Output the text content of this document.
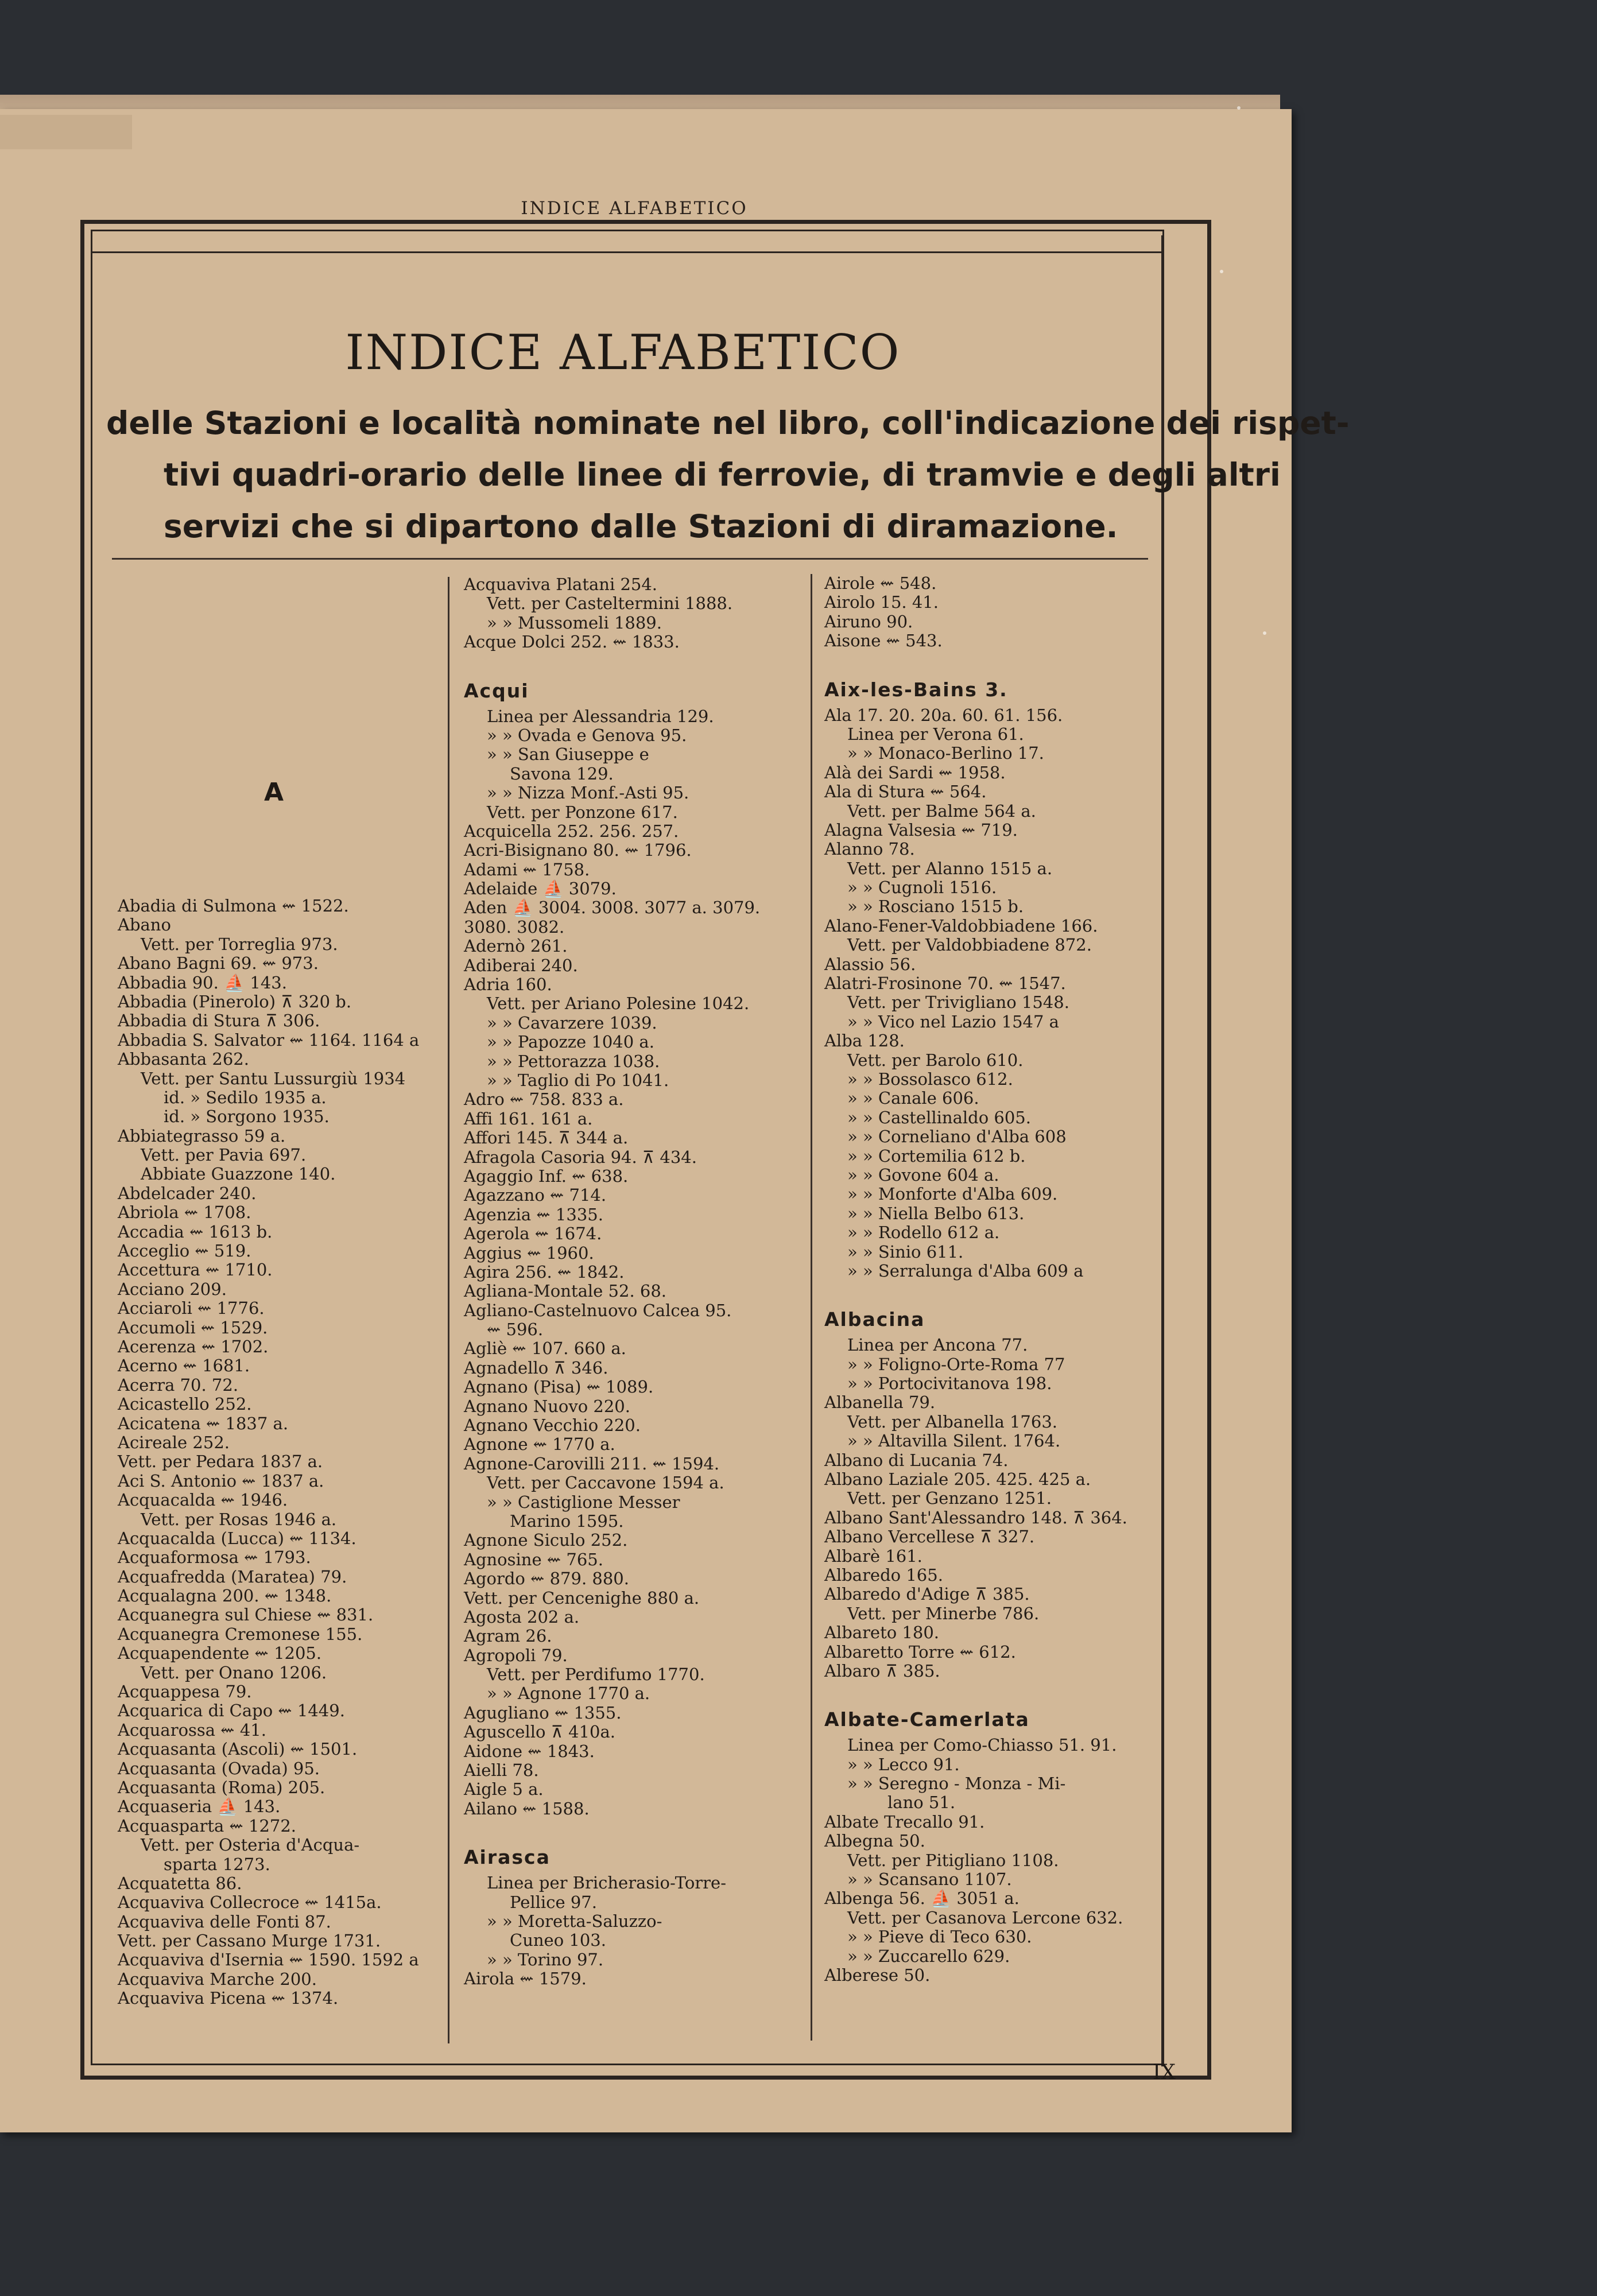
INDICE ALFABETICO
INDICE ALFABETICO
delle Stazioni e località nominate nel libro, coll'indicazione dei rispet-
tivi quadri-orario delle linee di ferrovie, di tramvie e degli altri
servizi che si dipartono dalle Stazioni di diramazione.
A
Abadia di Sulmona ⇜ 1522.
Abano
Vett. per Torreglia 973.
Abano Bagni 69. ⇜ 973.
Abbadia 90. ⛵ 143.
Abbadia (Pinerolo) ⊼ 320 b.
Abbadia di Stura ⊼ 306.
Abbadia S. Salvator ⇜ 1164. 1164 a
Abbasanta 262.
Vett. per Santu Lussurgiù 1934
id. » Sedilo 1935 a.
id. » Sorgono 1935.
Abbiategrasso 59 a.
Vett. per Pavia 697.
Abbiate Guazzone 140.
Abdelcader 240.
Abriola ⇜ 1708.
Accadia ⇜ 1613 b.
Acceglio ⇜ 519.
Accettura ⇜ 1710.
Acciano 209.
Acciaroli ⇜ 1776.
Accumoli ⇜ 1529.
Acerenza ⇜ 1702.
Acerno ⇜ 1681.
Acerra 70. 72.
Acicastello 252.
Acicatena ⇜ 1837 a.
Acireale 252.
Vett. per Pedara 1837 a.
Aci S. Antonio ⇜ 1837 a.
Acquacalda ⇜ 1946.
Vett. per Rosas 1946 a.
Acquacalda (Lucca) ⇜ 1134.
Acquaformosa ⇜ 1793.
Acquafredda (Maratea) 79.
Acqualagna 200. ⇜ 1348.
Acquanegra sul Chiese ⇜ 831.
Acquanegra Cremonese 155.
Acquapendente ⇜ 1205.
Vett. per Onano 1206.
Acquappesa 79.
Acquarica di Capo ⇜ 1449.
Acquarossa ⇜ 41.
Acquasanta (Ascoli) ⇜ 1501.
Acquasanta (Ovada) 95.
Acquasanta (Roma) 205.
Acquaseria ⛵ 143.
Acquasparta ⇜ 1272.
Vett. per Osteria d'Acqua-
sparta 1273.
Acquatetta 86.
Acquaviva Collecroce ⇜ 1415a.
Acquaviva delle Fonti 87.
Vett. per Cassano Murge 1731.
Acquaviva d'Isernia ⇜ 1590. 1592 a
Acquaviva Marche 200.
Acquaviva Picena ⇜ 1374.
Acquaviva Platani 254.
Vett. per Casteltermini 1888.
» » Mussomeli 1889.
Acque Dolci 252. ⇜ 1833.
Acqui
Linea per Alessandria 129.
» » Ovada e Genova 95.
» » San Giuseppe e
Savona 129.
» » Nizza Monf.-Asti 95.
Vett. per Ponzone 617.
Acquicella 252. 256. 257.
Acri-Bisignano 80. ⇜ 1796.
Adami ⇜ 1758.
Adelaide ⛵ 3079.
Aden ⛵ 3004. 3008. 3077 a. 3079.
3080. 3082.
Adernò 261.
Adiberai 240.
Adria 160.
Vett. per Ariano Polesine 1042.
» » Cavarzere 1039.
» » Papozze 1040 a.
» » Pettorazza 1038.
» » Taglio di Po 1041.
Adro ⇜ 758. 833 a.
Affi 161. 161 a.
Affori 145. ⊼ 344 a.
Afragola Casoria 94. ⊼ 434.
Agaggio Inf. ⇜ 638.
Agazzano ⇜ 714.
Agenzia ⇜ 1335.
Agerola ⇜ 1674.
Aggius ⇜ 1960.
Agira 256. ⇜ 1842.
Agliana-Montale 52. 68.
Agliano-Castelnuovo Calcea 95.
⇜ 596.
Agliè ⇜ 107. 660 a.
Agnadello ⊼ 346.
Agnano (Pisa) ⇜ 1089.
Agnano Nuovo 220.
Agnano Vecchio 220.
Agnone ⇜ 1770 a.
Agnone-Carovilli 211. ⇜ 1594.
Vett. per Caccavone 1594 a.
» » Castiglione Messer
Marino 1595.
Agnone Siculo 252.
Agnosine ⇜ 765.
Agordo ⇜ 879. 880.
Vett. per Cencenighe 880 a.
Agosta 202 a.
Agram 26.
Agropoli 79.
Vett. per Perdifumo 1770.
» » Agnone 1770 a.
Agugliano ⇜ 1355.
Aguscello ⊼ 410a.
Aidone ⇜ 1843.
Aielli 78.
Aigle 5 a.
Ailano ⇜ 1588.
Airasca
Linea per Bricherasio-Torre-
Pellice 97.
» » Moretta-Saluzzo-
Cuneo 103.
» » Torino 97.
Airola ⇜ 1579.
Airole ⇜ 548.
Airolo 15. 41.
Airuno 90.
Aisone ⇜ 543.
Aix-les-Bains 3.
Ala 17. 20. 20a. 60. 61. 156.
Linea per Verona 61.
» » Monaco-Berlino 17.
Alà dei Sardi ⇜ 1958.
Ala di Stura ⇜ 564.
Vett. per Balme 564 a.
Alagna Valsesia ⇜ 719.
Alanno 78.
Vett. per Alanno 1515 a.
» » Cugnoli 1516.
» » Rosciano 1515 b.
Alano-Fener-Valdobbiadene 166.
Vett. per Valdobbiadene 872.
Alassio 56.
Alatri-Frosinone 70. ⇜ 1547.
Vett. per Trivigliano 1548.
» » Vico nel Lazio 1547 a
Alba 128.
Vett. per Barolo 610.
» » Bossolasco 612.
» » Canale 606.
» » Castellinaldo 605.
» » Corneliano d'Alba 608
» » Cortemilia 612 b.
» » Govone 604 a.
» » Monforte d'Alba 609.
» » Niella Belbo 613.
» » Rodello 612 a.
» » Sinio 611.
» » Serralunga d'Alba 609 a
Albacina
Linea per Ancona 77.
» » Foligno-Orte-Roma 77
» » Portocivitanova 198.
Albanella 79.
Vett. per Albanella 1763.
» » Altavilla Silent. 1764.
Albano di Lucania 74.
Albano Laziale 205. 425. 425 a.
Vett. per Genzano 1251.
Albano Sant'Alessandro 148. ⊼ 364.
Albano Vercellese ⊼ 327.
Albarè 161.
Albaredo 165.
Albaredo d'Adige ⊼ 385.
Vett. per Minerbe 786.
Albareto 180.
Albaretto Torre ⇜ 612.
Albaro ⊼ 385.
Albate-Camerlata
Linea per Como-Chiasso 51. 91.
» » Lecco 91.
» » Seregno - Monza - Mi-
lano 51.
Albate Trecallo 91.
Albegna 50.
Vett. per Pitigliano 1108.
» » Scansano 1107.
Albenga 56. ⛵ 3051 a.
Vett. per Casanova Lercone 632.
» » Pieve di Teco 630.
» » Zuccarello 629.
Alberese 50.
IX
